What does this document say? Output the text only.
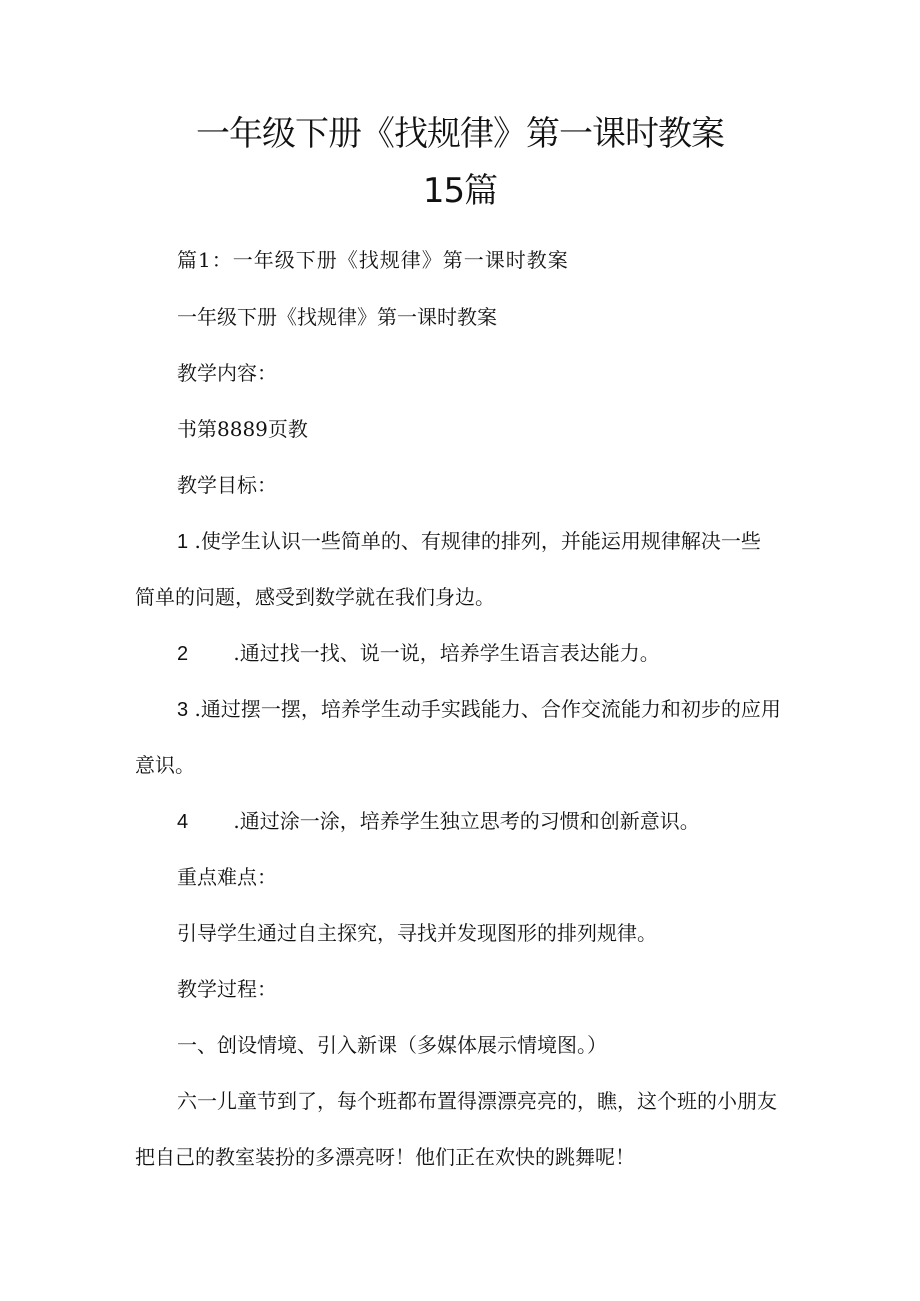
一年级下册《找规律》第一课时教案
15篇
篇1：一年级下册《找规律》第一课时教案
一年级下册《找规律》第一课时教案
教学内容：
书第8889页教
教学目标：
1 .使学生认识一些简单的、有规律的排列，并能运用规律解决一些
简单的问题，感受到数学就在我们身边。
2 .通过找一找、说一说，培养学生语言表达能力。
3 .通过摆一摆，培养学生动手实践能力、合作交流能力和初步的应用
意识。
4 .通过涂一涂，培养学生独立思考的习惯和创新意识。
重点难点：
引导学生通过自主探究，寻找并发现图形的排列规律。
教学过程：
一、创设情境、引入新课（多媒体展示情境图。）
六一儿童节到了，每个班都布置得漂漂亮亮的，瞧，这个班的小朋友
把自己的教室装扮的多漂亮呀！他们正在欢快的跳舞呢！
